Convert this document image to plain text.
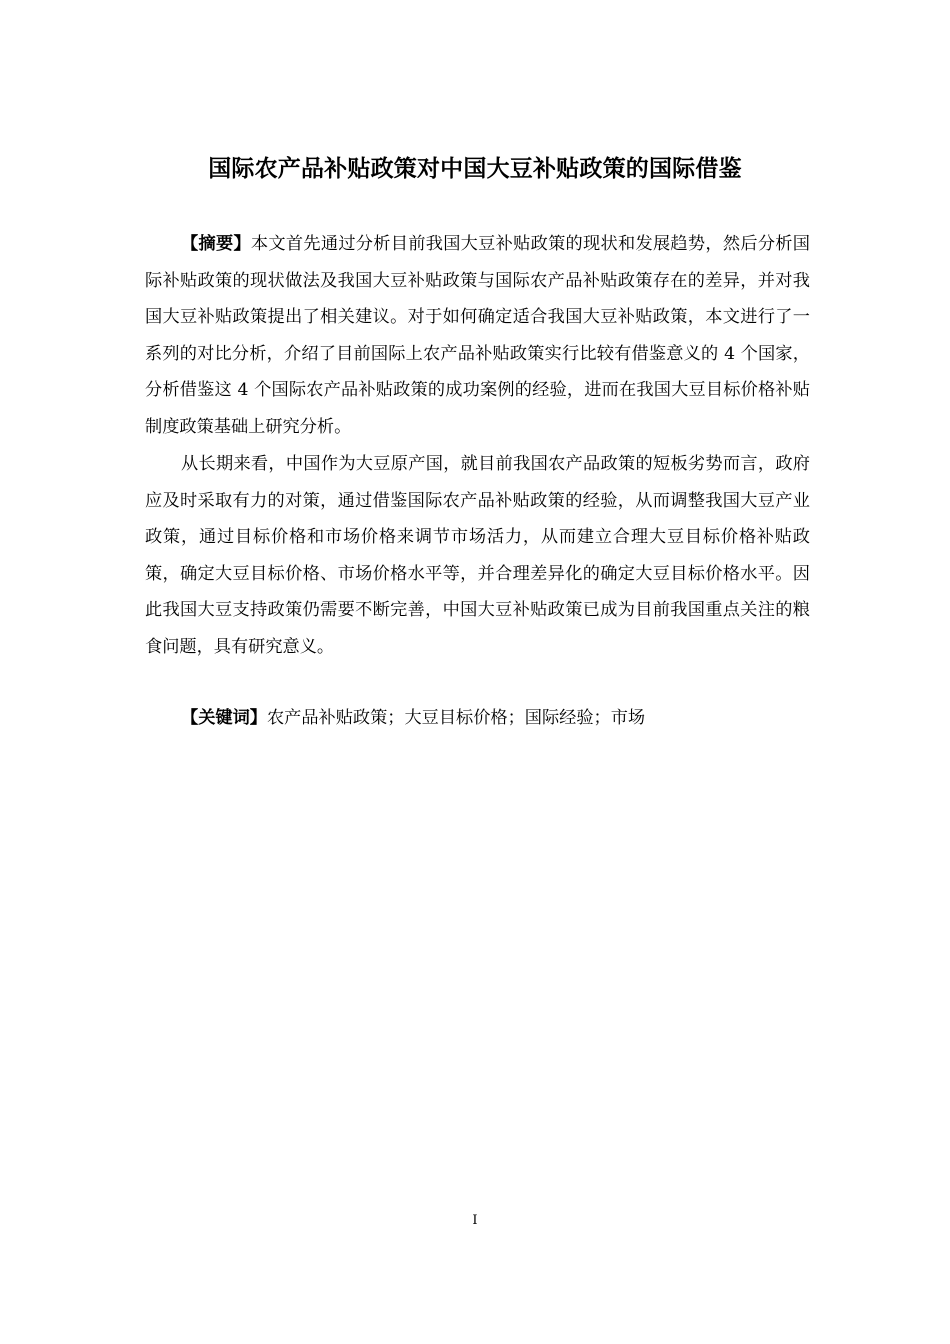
国际农产品补贴政策对中国大豆补贴政策的国际借鉴

【摘要】本文首先通过分析目前我国大豆补贴政策的现状和发展趋势，然后分析国际补贴政策的现状做法及我国大豆补贴政策与国际农产品补贴政策存在的差异，并对我国大豆补贴政策提出了相关建议。对于如何确定适合我国大豆补贴政策，本文进行了一系列的对比分析，介绍了目前国际上农产品补贴政策实行比较有借鉴意义的 4 个国家，分析借鉴这 4 个国际农产品补贴政策的成功案例的经验，进而在我国大豆目标价格补贴制度政策基础上研究分析。

从长期来看，中国作为大豆原产国，就目前我国农产品政策的短板劣势而言，政府应及时采取有力的对策，通过借鉴国际农产品补贴政策的经验，从而调整我国大豆产业政策，通过目标价格和市场价格来调节市场活力，从而建立合理大豆目标价格补贴政策，确定大豆目标价格、市场价格水平等，并合理差异化的确定大豆目标价格水平。因此我国大豆支持政策仍需要不断完善，中国大豆补贴政策已成为目前我国重点关注的粮食问题，具有研究意义。

【关键词】农产品补贴政策；大豆目标价格；国际经验；市场

I
